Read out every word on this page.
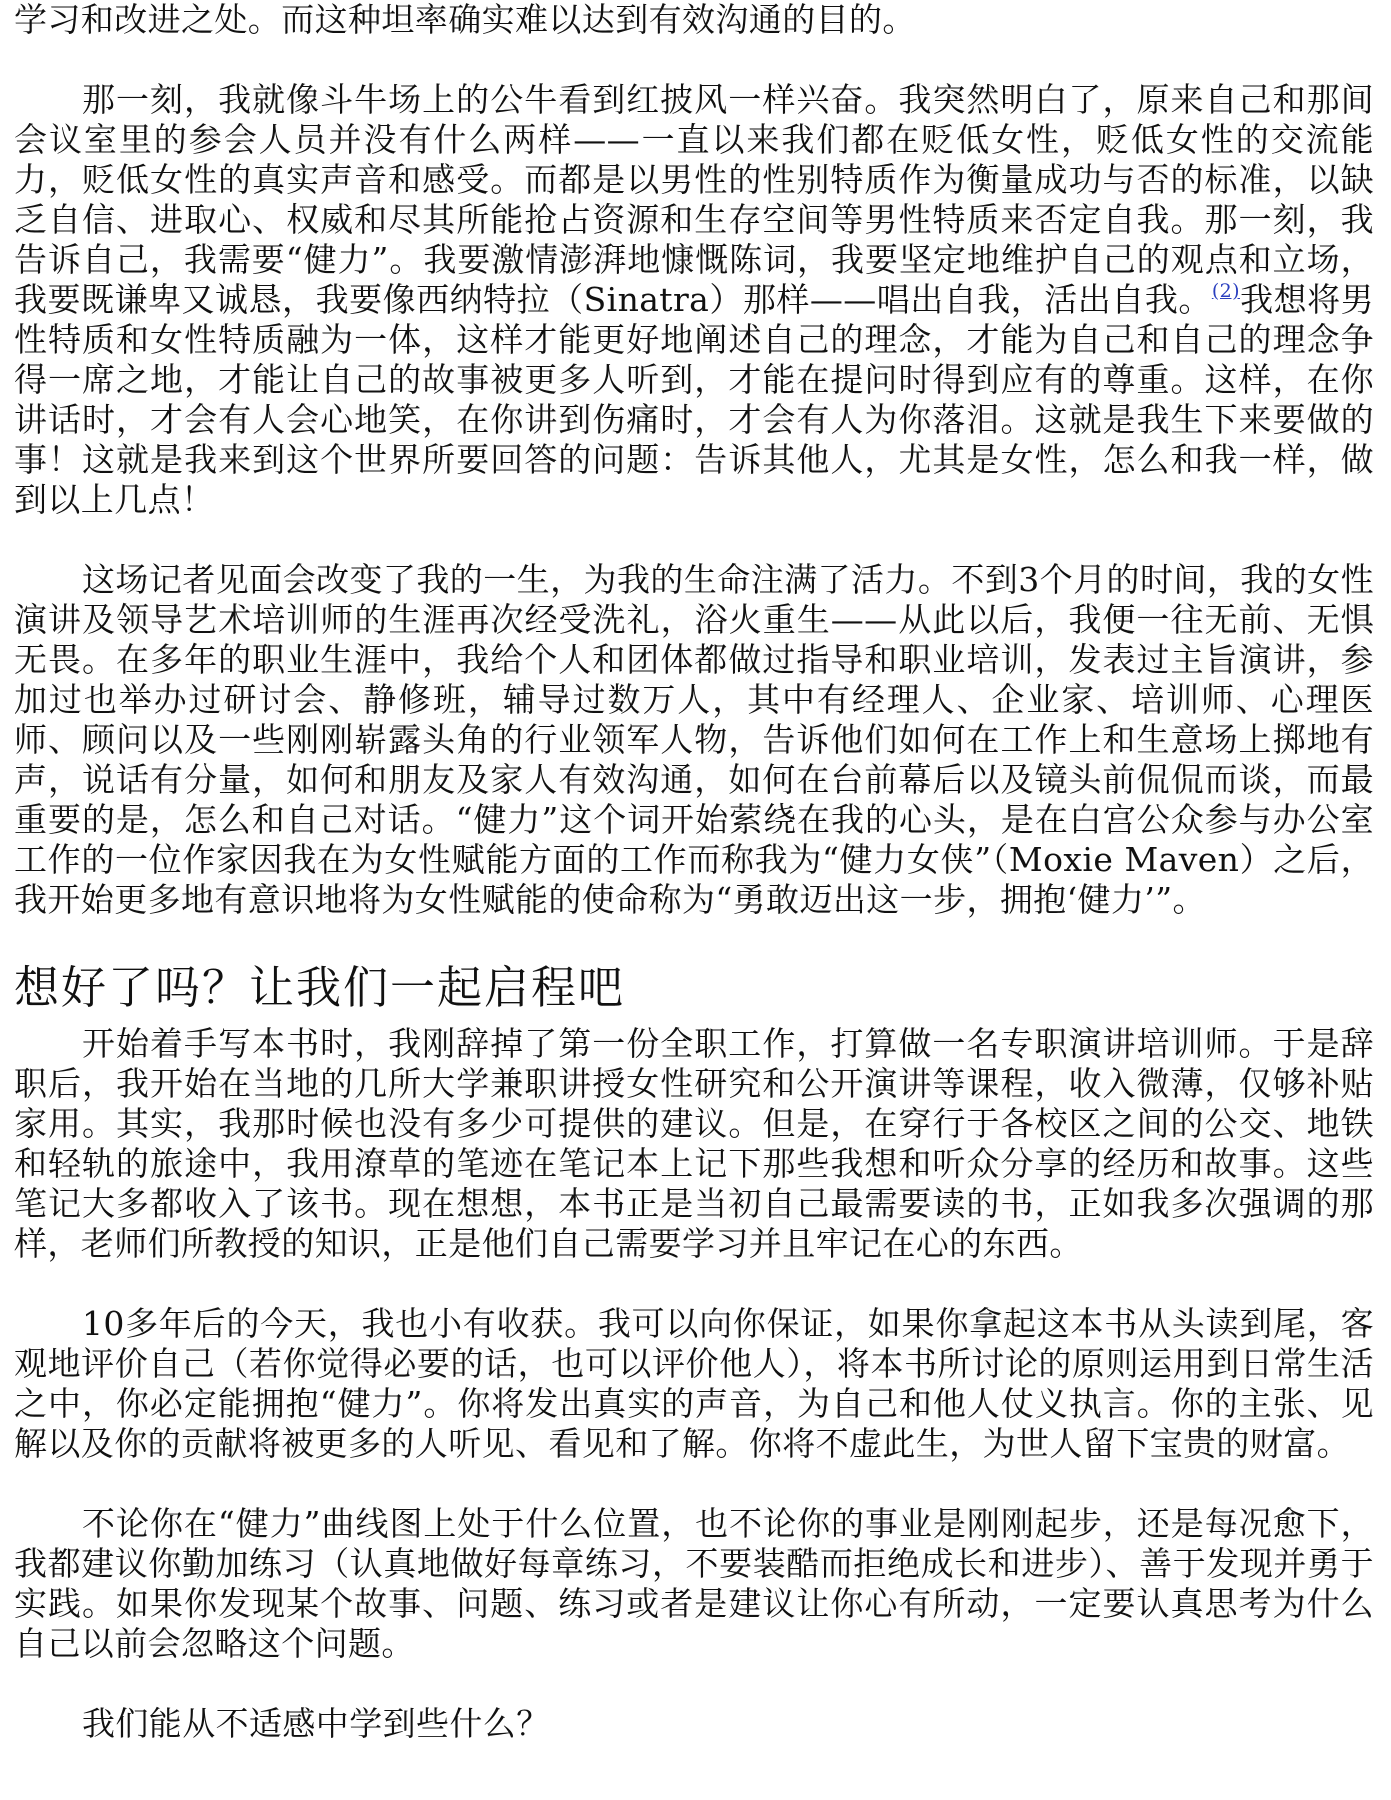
学习和改进之处。而这种坦率确实难以达到有效沟通的目的。

那一刻，我就像斗牛场上的公牛看到红披风一样兴奋。我突然明白了，原来自己和那间会议室里的参会人员并没有什么两样——一直以来我们都在贬低女性，贬低女性的交流能力，贬低女性的真实声音和感受。而都是以男性的性别特质作为衡量成功与否的标准，以缺乏自信、进取心、权威和尽其所能抢占资源和生存空间等男性特质来否定自我。那一刻，我告诉自己，我需要“健力”。我要激情澎湃地慷慨陈词，我要坚定地维护自己的观点和立场，我要既谦卑又诚恳，我要像西纳特拉（Sinatra）那样——唱出自我，活出自我。$^{(2)}$我想将男性特质和女性特质融为一体，这样才能更好地阐述自己的理念，才能为自己和自己的理念争得一席之地，才能让自己的故事被更多人听到，才能在提问时得到应有的尊重。这样，在你讲话时，才会有人会心地笑，在你讲到伤痛时，才会有人为你落泪。这就是我生下来要做的事！这就是我来到这个世界所要回答的问题：告诉其他人，尤其是女性，怎么和我一样，做到以上几点！

这场记者见面会改变了我的一生，为我的生命注满了活力。不到3个月的时间，我的女性演讲及领导艺术培训师的生涯再次经受洗礼，浴火重生——从此以后，我便一往无前、无惧无畏。在多年的职业生涯中，我给个人和团体都做过指导和职业培训，发表过主旨演讲，参加过也举办过研讨会、静修班，辅导过数万人，其中有经理人、企业家、培训师、心理医师、顾问以及一些刚刚崭露头角的行业领军人物，告诉他们如何在工作上和生意场上掷地有声，说话有分量，如何和朋友及家人有效沟通，如何在台前幕后以及镜头前侃侃而谈，而最重要的是，怎么和自己对话。“健力”这个词开始萦绕在我的心头，是在白宫公众参与办公室工作的一位作家因我在为女性赋能方面的工作而称我为“健力女侠”（Moxie Maven）之后，我开始更多地有意识地将为女性赋能的使命称为“勇敢迈出这一步，拥抱‘健力’”。

想好了吗？让我们一起启程吧

开始着手写本书时，我刚辞掉了第一份全职工作，打算做一名专职演讲培训师。于是辞职后，我开始在当地的几所大学兼职讲授女性研究和公开演讲等课程，收入微薄，仅够补贴家用。其实，我那时候也没有多少可提供的建议。但是，在穿行于各校区之间的公交、地铁和轻轨的旅途中，我用潦草的笔迹在笔记本上记下那些我想和听众分享的经历和故事。这些笔记大多都收入了该书。现在想想，本书正是当初自己最需要读的书，正如我多次强调的那样，老师们所教授的知识，正是他们自己需要学习并且牢记在心的东西。

10多年后的今天，我也小有收获。我可以向你保证，如果你拿起这本书从头读到尾，客观地评价自己（若你觉得必要的话，也可以评价他人），将本书所讨论的原则运用到日常生活之中，你必定能拥抱“健力”。你将发出真实的声音，为自己和他人仗义执言。你的主张、见解以及你的贡献将被更多的人听见、看见和了解。你将不虚此生，为世人留下宝贵的财富。

不论你在“健力”曲线图上处于什么位置，也不论你的事业是刚刚起步，还是每况愈下，我都建议你勤加练习（认真地做好每章练习，不要装酷而拒绝成长和进步）、善于发现并勇于实践。如果你发现某个故事、问题、练习或者是建议让你心有所动，一定要认真思考为什么自己以前会忽略这个问题。

我们能从不适感中学到些什么？
